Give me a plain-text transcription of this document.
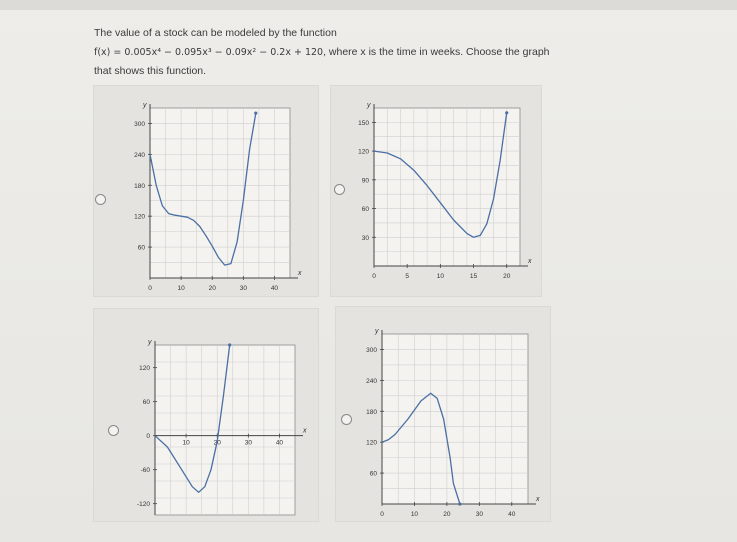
The value of a stock can be modeled by the function
f(x) = 0.005x⁴ − 0.095x³ − 0.09x² − 0.2x + 120, where x is the time in weeks. Choose the graph
that shows this function.
x
y
0	10	20	30	40
60
120
180
240
300
x
y
0	5	10	15	20
30
60
90
120
150
x
y
10	20	30	40
120
60
0
-60
-120
x
y
0	10	20	30	40
60
120
180
240
300
